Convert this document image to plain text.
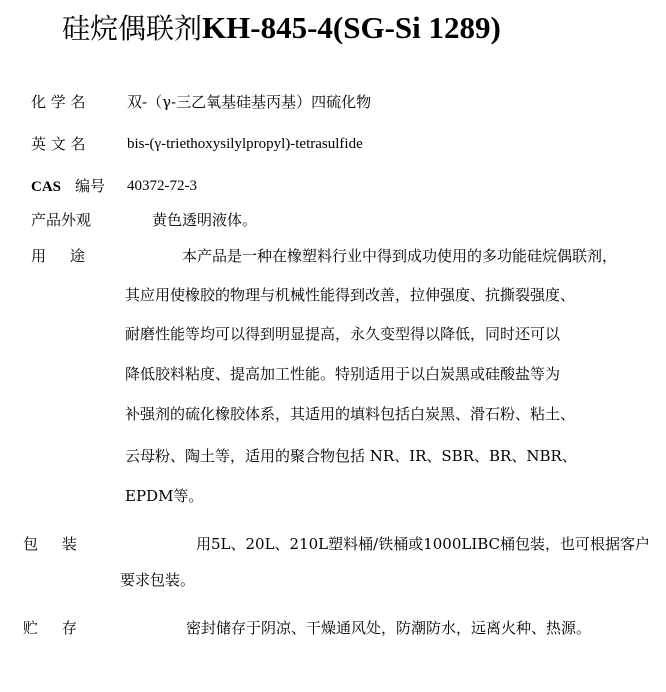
硅烷偶联剂KH-845-4(SG-Si 1289)
化 学 名	双-（γ-三乙氧基硅基丙基）四硫化物
英 文 名	bis-(γ-triethoxysilylpropyl)-tetrasulfide
CAS 编号 40372-72-3
产品外观	黄色透明液体。
用     途	本产品是一种在橡塑料行业中得到成功使用的多功能硅烷偶联剂，
其应用使橡胶的物理与机械性能得到改善，拉伸强度、抗撕裂强度、
耐磨性能等均可以得到明显提高，永久变型得以降低，同时还可以
降低胶料粘度、提高加工性能。特别适用于以白炭黑或硅酸盐等为
补强剂的硫化橡胶体系，其适用的填料包括白炭黑、滑石粉、粘土、
云母粉、陶土等，适用的聚合物包括 NR、IR、SBR、BR、NBR、
EPDM等。
包     装	用5L、20L、210L塑料桶/铁桶或1000LIBC桶包装，也可根据客户
要求包装。
贮     存	密封储存于阴凉、干燥通风处，防潮防水，远离火种、热源。
